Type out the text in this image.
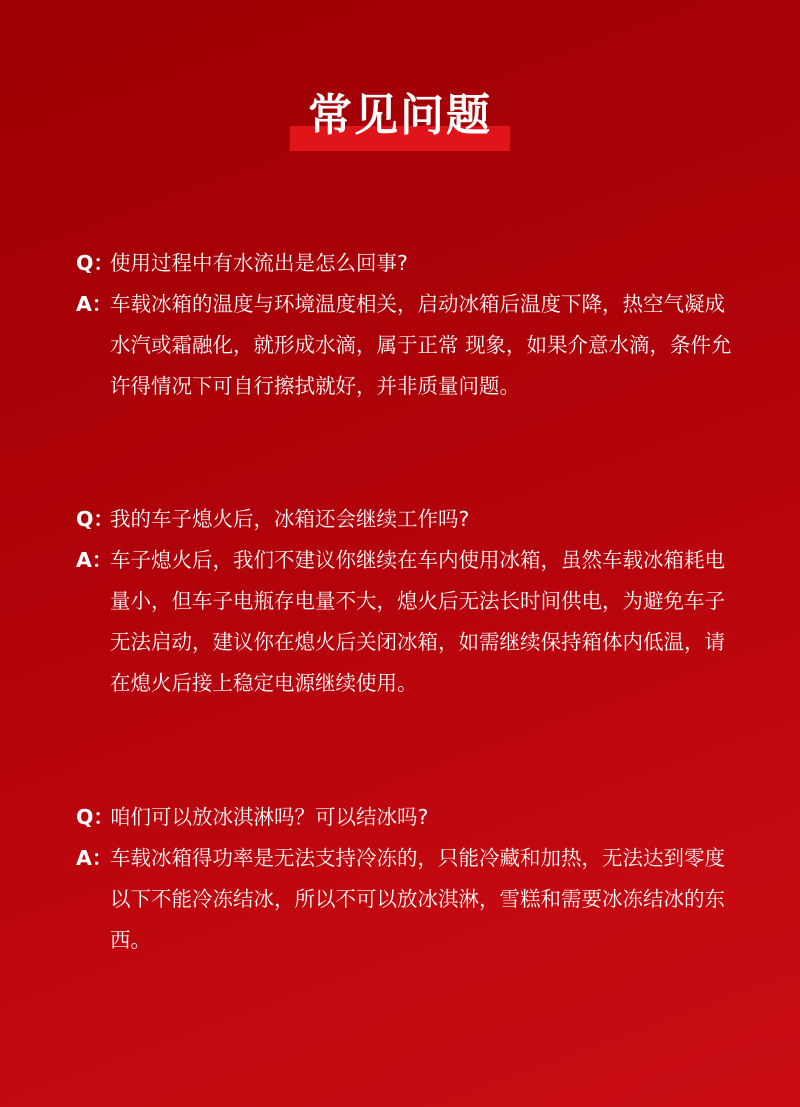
常见问题
Q：
使用过程中有水流出是怎么回事?
A：
车载冰箱的温度与环境温度相关，启动冰箱后温度下降，热空气凝成水汽或霜融化，就形成水滴，属于正常 现象，如果介意水滴，条件允许得情况下可自行擦拭就好，并非质量问题。
Q：
我的车子熄火后，冰箱还会继续工作吗?
A：
车子熄火后，我们不建议你继续在车内使用冰箱，虽然车载冰箱耗电量小，但车子电瓶存电量不大，熄火后无法长时间供电，为避免车子无法启动，建议你在熄火后关闭冰箱，如需继续保持箱体内低温，请在熄火后接上稳定电源继续使用。
Q：
咱们可以放冰淇淋吗？可以结冰吗?
A：
车载冰箱得功率是无法支持冷冻的，只能冷藏和加热，无法达到零度以下不能冷冻结冰，所以不可以放冰淇淋，雪糕和需要冰冻结冰的东西。
